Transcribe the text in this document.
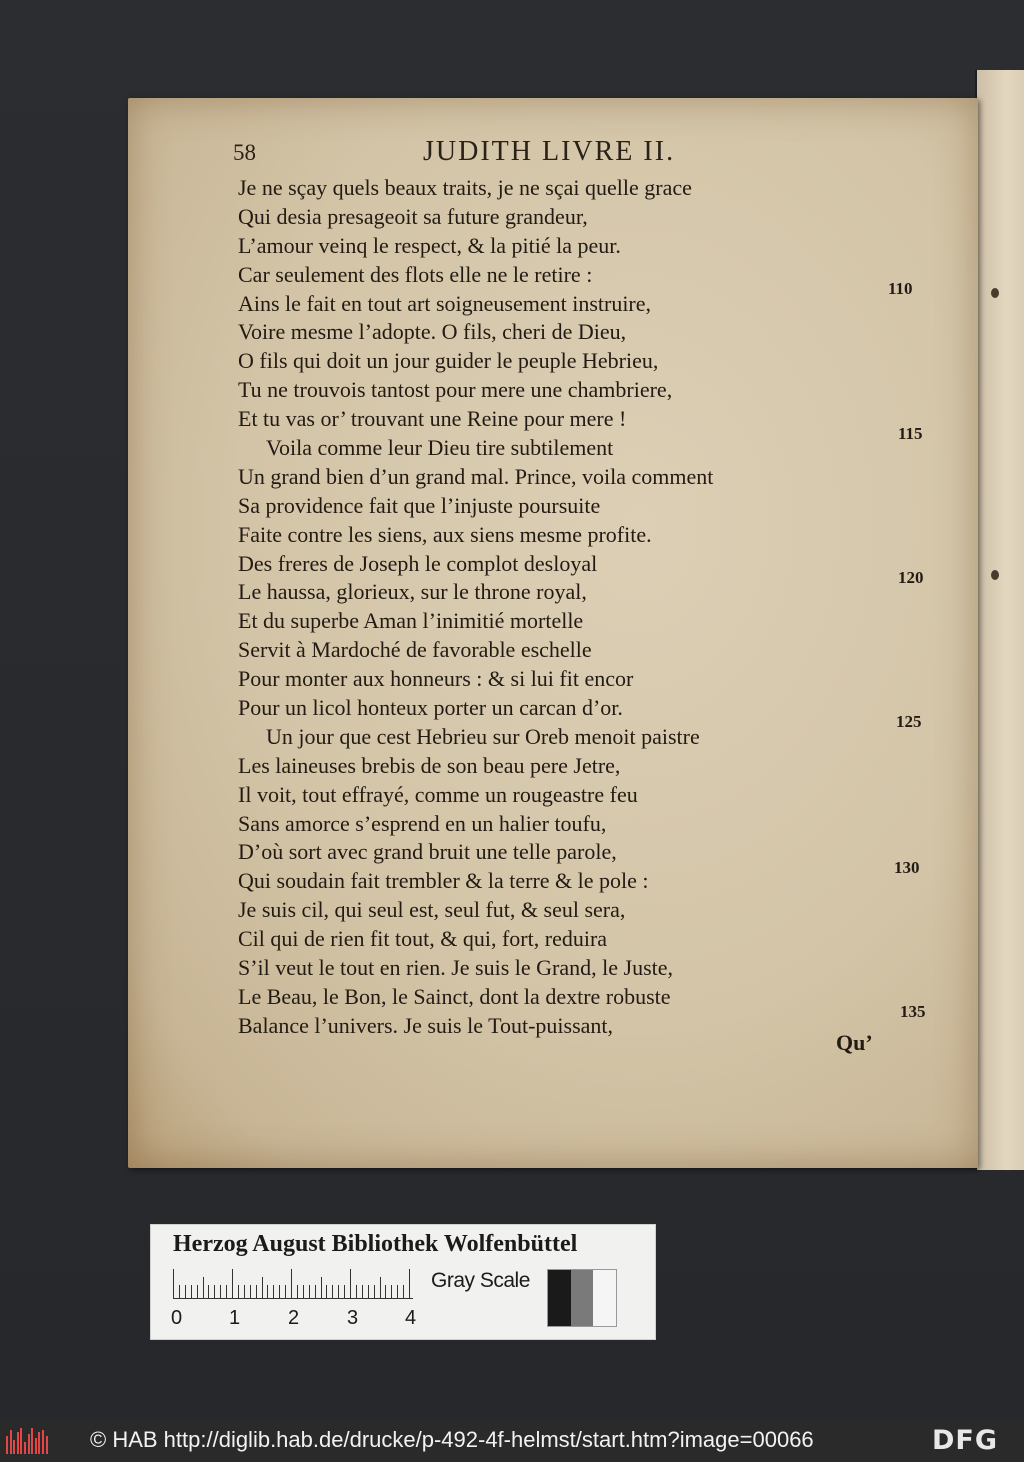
58	JUDITH LIVRE II.
Je ne sçay quels beaux traits, je ne sçai quelle grace
Qui desia presageoit sa future grandeur,
L’amour veinq le respect, & la pitié la peur.
Car seulement des flots elle ne le retire :
Ains le fait en tout art soigneusement instruire,
Voire mesme l’adopte. O fils, cheri de Dieu,
O fils qui doit un jour guider le peuple Hebrieu,
Tu ne trouvois tantost pour mere une chambriere,
Et tu vas or’ trouvant une Reine pour mere !
Voila comme leur Dieu tire subtilement
Un grand bien d’un grand mal. Prince, voila comment
Sa providence fait que l’injuste poursuite
Faite contre les siens, aux siens mesme profite.
Des freres de Joseph le complot desloyal
Le haussa, glorieux, sur le throne royal,
Et du superbe Aman l’inimitié mortelle
Servit à Mardoché de favorable eschelle
Pour monter aux honneurs : & si lui fit encor
Pour un licol honteux porter un carcan d’or.
Un jour que cest Hebrieu sur Oreb menoit paistre
Les laineuses brebis de son beau pere Jetre,
Il voit, tout effrayé, comme un rougeastre feu
Sans amorce s’esprend en un halier toufu,
D’où sort avec grand bruit une telle parole,
Qui soudain fait trembler & la terre & le pole :
Je suis cil, qui seul est, seul fut, & seul sera,
Cil qui de rien fit tout, & qui, fort, reduira
S’il veut le tout en rien. Je suis le Grand, le Juste,
Le Beau, le Bon, le Sainct, dont la dextre robuste
Balance l’univers. Je suis le Tout-puissant,
110
115
120
125
130
135
Qu’
Herzog August Bibliothek Wolfenbüttel
0 1 2 3 4
Gray Scale
© HAB http://diglib.hab.de/drucke/p-492-4f-helmst/start.htm?image=00066	DFG
